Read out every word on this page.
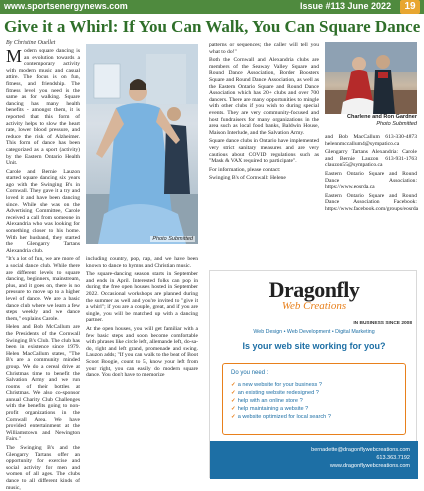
www.sportsenergynews.com	Issue #113 June 2022	19
Give it a Whirl: If You Can Walk, You Can Square Dance
By Christine Ouellet

Modern square dancing is an evolution towards a contemporary activity with modern music and casual attire. The focus is on fun, fitness, and friendship. The fitness level you need is the same as for walking. Square dancing has many health benefits - amongst them, it is reported that this form of activity helps to slow the heart rate, lower blood pressure, and reduce the risk of Alzheimer. This form of dance has been categorized as a sport (activity) by the Eastern Ontario Health Unit.

Carole and Bernie Lauzon started square dancing six years ago with the Swinging B's in Cornwall. They gave it a try and loved it and have been dancing since. While she was on the Advertising Committee, Carole received a call from someone in Alexandria who was looking for something closer to his home. With her husband, they started the Glengarry Tartans Alexandria club.

"It's a lot of fun, we are more of a social dance club. While there are different levels to square dancing, beginners, mainstream, plus, and it goes on, there is no pressure to move up to a higher level of dance. We are a basic dance club where we learn a few steps weekly and we dance them," explains Carole.

Helen and Bob McCallum are the Presidents of the Cornwall Swinging B's Club. The club has been in existence since 1979. Helen MacCallum states, "The B's are a community minded group. We do a cereal drive at Christmas time to benefit the Salvation Army and we run rooms of their bottles at Christmas. We also co-sponsor annual Charity Club Challenges with the benefits going to non-profit organizations in the Cornwall Area. We have provided entertainment at the Williamstown and Newington Fairs."

The Swinging B's and the Glengarry Tartans offer an opportunity for exercise and social activity for men and women of all ages. The clubs dance to all different kinds of music,

Photo Submitted

including country, pop, rap, and we have been known to dance to hymns and Christian music.

The square-dancing season starts in September and ends in April. Interested folks can pop in during the free open houses hosted in September 2022. Occasional workshops are planned during the summer as well and you're invited to "give it a whirl"; if you are a couple, great, and if you are single, you will be matched up with a dancing partner.

At the open houses, you will get familiar with a few basic steps and soon become comfortable with phrases like circle left, allemande left, do-sa-do, right and left grand, promenade and swing. Lauzon adds; "If you can walk to the beat of Boot Scoot Boogie, count to 5, know your left from your right, you can easily do modern square dance. You don't have to memorize

patterns or sequences; the caller will tell you what to do!"

Both the Cornwall and Alexandria clubs are members of the Seaway Valley Square and Round Dance Association, Border Boosters Square and Round Dance Association, as well as the Eastern Ontario Square and Round Dance Association which has 20+ clubs and over 700 dancers. There are many opportunities to mingle with other clubs if you wish to during special events. They are very community-focused and host fundraisers for many organizations in the area such as local food banks, Baldwin House, Maison Interlude, and the Salvation Army.

Square dance clubs in Ontario have implemented very strict sanitary measures and are very cautious about COVID regulations such as "Mask & VAX required to participate".

For information, please contact:

Swinging B's of Cornwall: Helene

Charlene and Ron Gardner
Photo Submitted

and Bob MacCallum 613-330-4873 helennmccallum4@sympatico.ca

Glengarry Tartans Alexandria: Carole and Bernie Lauzon 613-931-1763 clauzon55@sympatico.ca

Eastern Ontario Square and Round Dance Association: https://www.eosrda.ca

Eastern Ontario Square and Round Dance Association Facebook: https://www.facebook.com/groups/eosrda

Dragonfly
Web Creations
IN BUSINESS SINCE 2008
Web Design • Web Development • Digital Marketing
Is your web site working for you?
Do you need :
✓ a new website for your business ?
✓ an existing website redesigned ?
✓ help with an online store ?
✓ help maintaining a website ?
✓ a website optimized for local search ?
bernadette@dragonflywebcreations.com
613.363.7192
www.dragonflywebcreations.com
